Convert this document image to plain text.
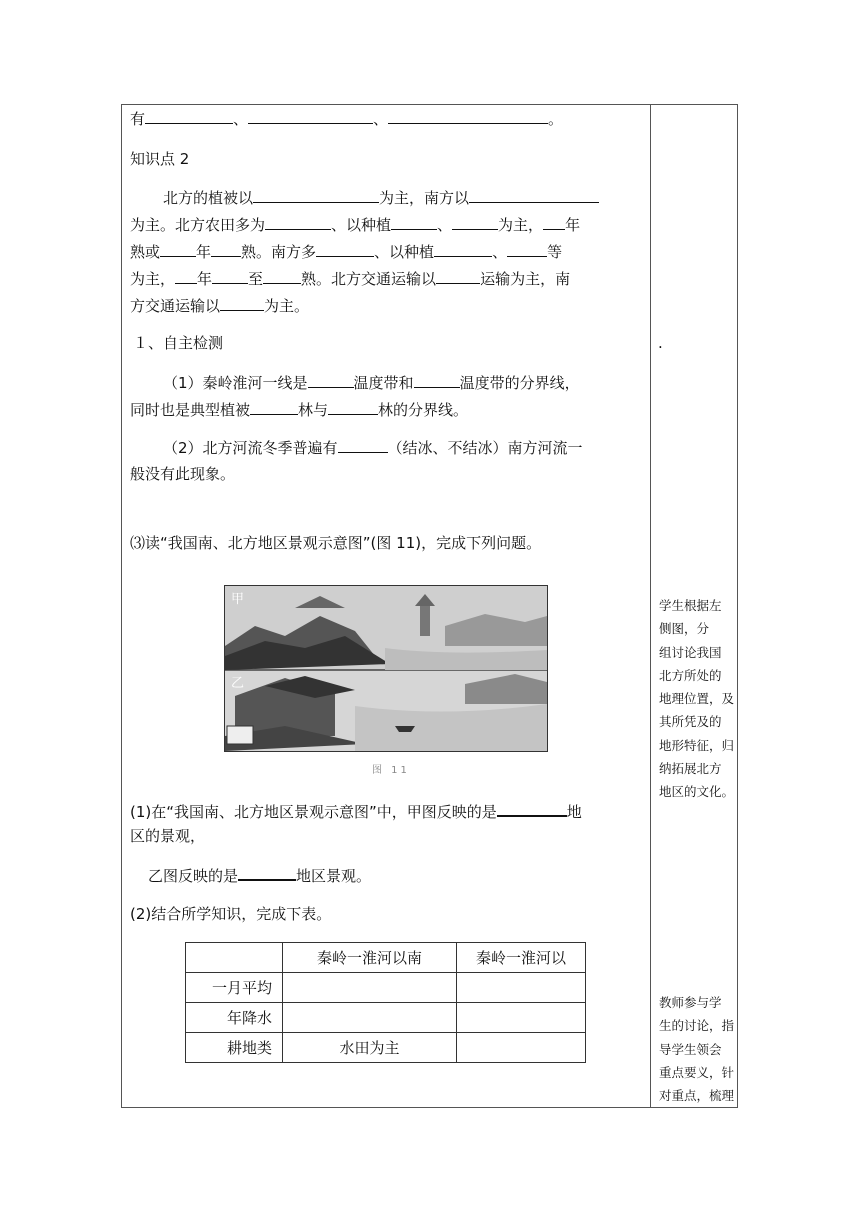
有	、	、	。
知识点 2
北方的植被以	为主，南方以
为主。北方农田多为	、以种植	、	为主， 年
熟或 年 熟。南方多	、以种植	、	等
为主， 年 至	熟。北方交通运输以	运输为主，南
方交通运输以	为主。
１、自主检测
（1）秦岭淮河一线是	温度带和	温度带的分界线，
同时也是典型植被	林与	林的分界线。
（2）北方河流冬季普遍有	（结冰、不结冰）南方河流一
般没有此现象。
⑶读“我国南、北方地区景观示意图”(图 11)，完成下列问题。
甲
乙
图 11
(1)在“我国南、北方地区景观示意图”中，甲图反映的是	地
区的景观，
乙图反映的是	地区景观。
(2)结合所学知识，完成下表。
	秦岭一淮河以南	秦岭一淮河以
一月平均		
年降水		
耕地类	水田为主	
.
学生根据左
侧图，分
组讨论我国
北方所处的
地理位置，及
其所凭及的
地形特征，归
纳拓展北方
地区的文化。
教师参与学
生的讨论，指
导学生领会
重点要义，针
对重点，梳理
